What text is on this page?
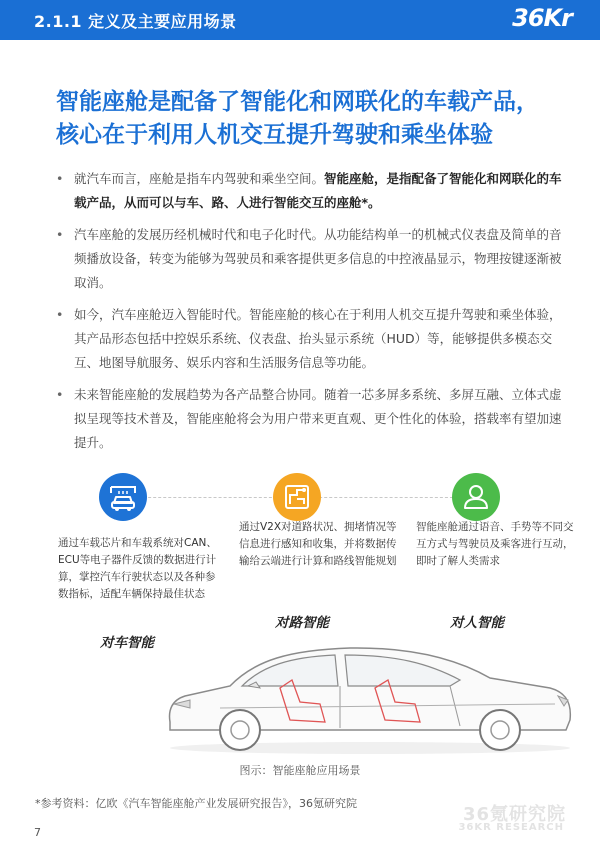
2.1.1 定义及主要应用场景	36Kr
智能座舱是配备了智能化和网联化的车载产品，
核心在于利用人机交互提升驾驶和乘坐体验
• 就汽车而言，座舱是指车内驾驶和乘坐空间。智能座舱，是指配备了智能化和网联化的车载产品，从而可以与车、路、人进行智能交互的座舱*。
• 汽车座舱的发展历经机械时代和电子化时代。从功能结构单一的机械式仪表盘及简单的音频播放设备，转变为能够为驾驶员和乘客提供更多信息的中控液晶显示，物理按键逐渐被取消。
• 如今，汽车座舱迈入智能时代。智能座舱的核心在于利用人机交互提升驾驶和乘坐体验，其产品形态包括中控娱乐系统、仪表盘、抬头显示系统（HUD）等，能够提供多模态交互、地图导航服务、娱乐内容和生活服务信息等功能。
• 未来智能座舱的发展趋势为各产品整合协同。随着一芯多屏多系统、多屏互融、立体式虚拟呈现等技术普及，智能座舱将会为用户带来更直观、更个性化的体验，搭载率有望加速提升。
通过车载芯片和车载系统对CAN、 ECU等电子器件反馈的数据进行计算，掌控汽车行驶状态以及各种参数指标，适配车辆保持最佳状态
通过V2X对道路状况、拥堵情况等信息进行感知和收集，并将数据传输给云端进行计算和路线智能规划
智能座舱通过语音、手势等不同交互方式与驾驶员及乘客进行互动，即时了解人类需求
对车智能
对路智能	对人智能
图示：智能座舱应用场景
*参考资料：亿欧《汽车智能座舱产业发展研究报告》，36氪研究院
36氪研究院
36KR RESEARCH
7
